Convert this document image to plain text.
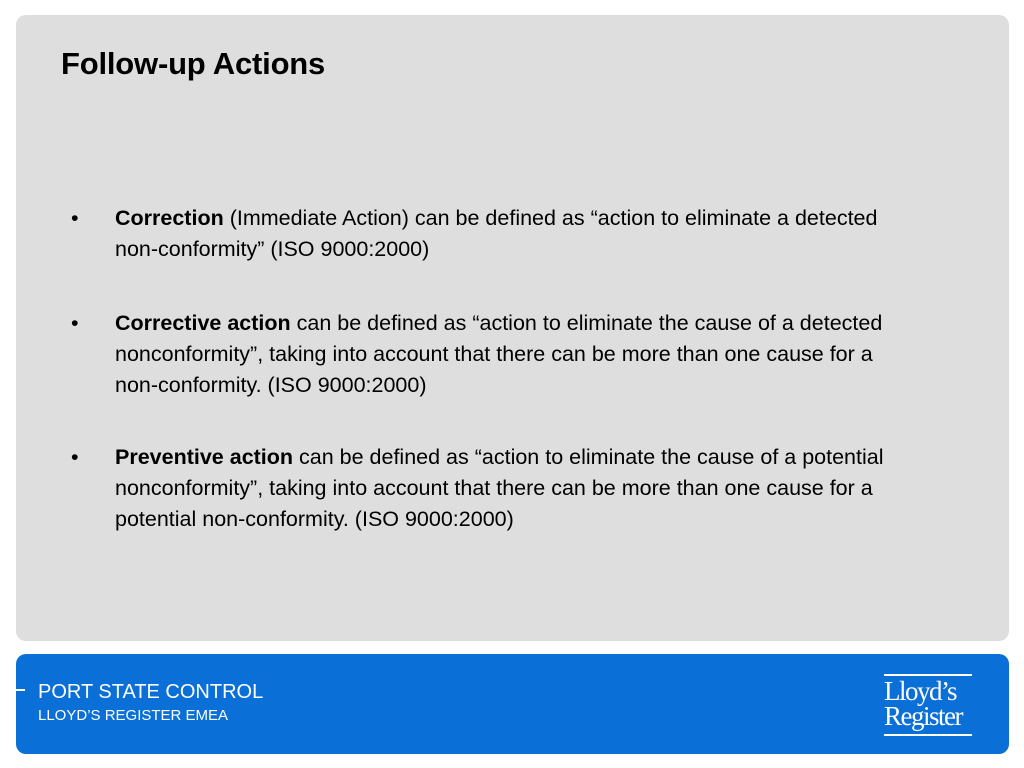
Follow-up Actions
• Correction (Immediate Action) can be defined as “action to eliminate a detected non-conformity” (ISO 9000:2000)
• Corrective action can be defined as “action to eliminate the cause of a detected nonconformity”, taking into account that there can be more than one cause for a non-conformity. (ISO 9000:2000)
• Preventive action can be defined as “action to eliminate the cause of a potential nonconformity”, taking into account that there can be more than one cause for a potential non-conformity. (ISO 9000:2000)
PORT STATE CONTROL
LLOYD’S REGISTER EMEA
Lloyd’s
Register
